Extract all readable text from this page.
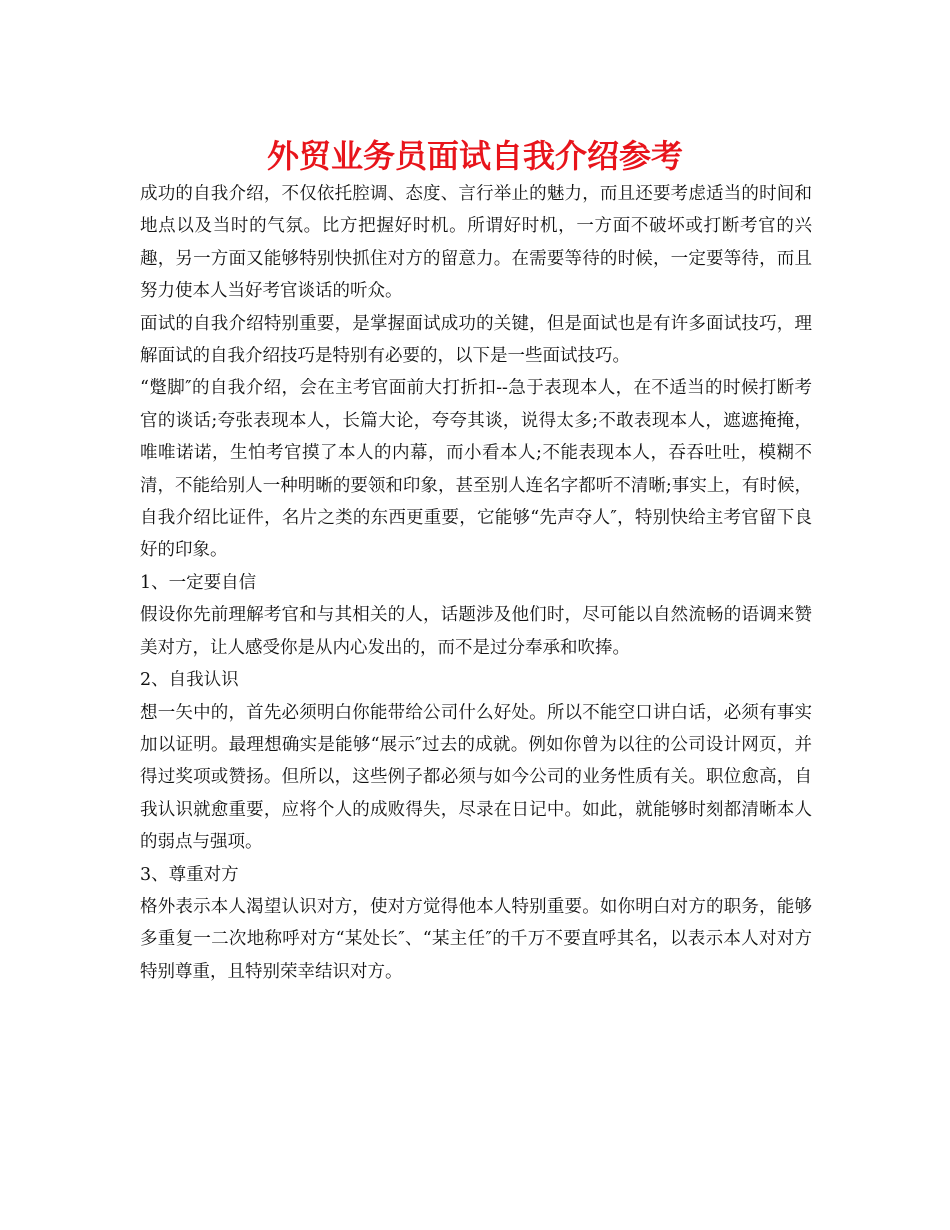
外贸业务员面试自我介绍参考

成功的自我介绍，不仅依托腔调、态度、言行举止的魅力，而且还要考虑适当的时间和地点以及当时的气氛。比方把握好时机。所谓好时机，一方面不破坏或打断考官的兴趣，另一方面又能够特别快抓住对方的留意力。在需要等待的时候，一定要等待，而且努力使本人当好考官谈话的听众。

面试的自我介绍特别重要，是掌握面试成功的关键，但是面试也是有许多面试技巧，理解面试的自我介绍技巧是特别有必要的，以下是一些面试技巧。

“蹩脚″的自我介绍，会在主考官面前大打折扣--急于表现本人，在不适当的时候打断考官的谈话;夸张表现本人，长篇大论，夸夸其谈，说得太多;不敢表现本人，遮遮掩掩，唯唯诺诺，生怕考官摸了本人的内幕，而小看本人;不能表现本人，吞吞吐吐，模糊不清，不能给别人一种明晰的要领和印象，甚至别人连名字都听不清晰;事实上，有时候，自我介绍比证件，名片之类的东西更重要，它能够“先声夺人″，特别快给主考官留下良好的印象。

1、一定要自信

假设你先前理解考官和与其相关的人，话题涉及他们时，尽可能以自然流畅的语调来赞美对方，让人感受你是从内心发出的，而不是过分奉承和吹捧。

2、自我认识

想一矢中的，首先必须明白你能带给公司什么好处。所以不能空口讲白话，必须有事实加以证明。最理想确实是能够“展示″过去的成就。例如你曾为以往的公司设计网页，并得过奖项或赞扬。但所以，这些例子都必须与如今公司的业务性质有关。职位愈高，自我认识就愈重要，应将个人的成败得失，尽录在日记中。如此，就能够时刻都清晰本人的弱点与强项。

3、尊重对方

格外表示本人渴望认识对方，使对方觉得他本人特别重要。如你明白对方的职务，能够多重复一二次地称呼对方“某处长″、“某主任″的千万不要直呼其名，以表示本人对对方特别尊重，且特别荣幸结识对方。
